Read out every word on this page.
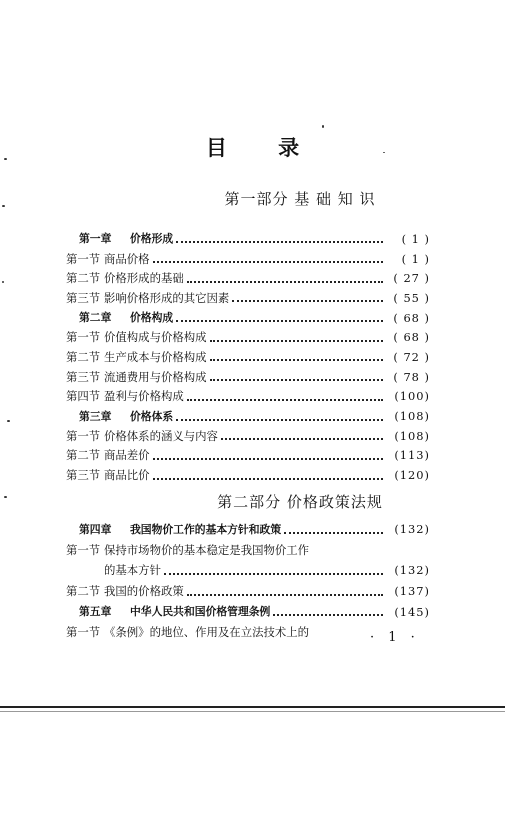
目 录
第一部分 基 础 知 识
第一章	价格形成	( 1 )
第一节 商品价格	( 1 )
第二节 价格形成的基础	( 27 )
第三节 影响价格形成的其它因素	( 55 )
第二章	价格构成	( 68 )
第一节 价值构成与价格构成	( 68 )
第二节 生产成本与价格构成	( 72 )
第三节 流通费用与价格构成	( 78 )
第四节 盈利与价格构成	(100)
第三章	价格体系	(108)
第一节 价格体系的涵义与内容	(108)
第二节 商品差价	(113)
第三节 商品比价	(120)
第二部分 价格政策法规
第四章	我国物价工作的基本方针和政策	(132)
第一节 保持市场物价的基本稳定是我国物价工作
的基本方针	(132)
第二节 我国的价格政策	(137)
第五章	中华人民共和国价格管理条例	(145)
第一节 《条例》的地位、作用及在立法技术上的	· 1 ·
